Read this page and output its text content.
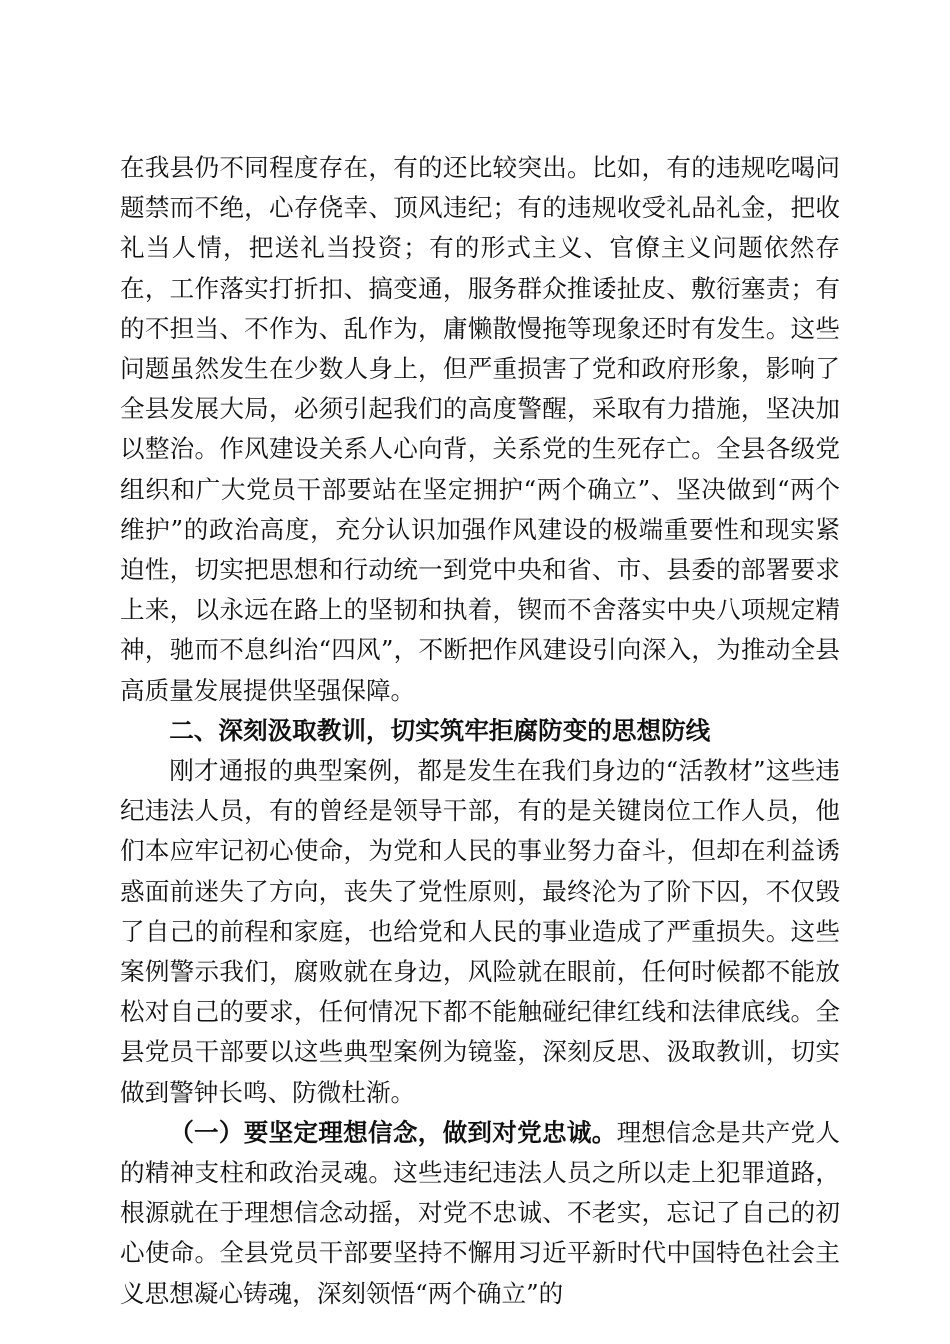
在我县仍不同程度存在，有的还比较突出。比如，有的违规吃喝问题禁而不绝，心存侥幸、顶风违纪；有的违规收受礼品礼金，把收礼当人情，把送礼当投资；有的形式主义、官僚主义问题依然存在，工作落实打折扣、搞变通，服务群众推诿扯皮、敷衍塞责；有的不担当、不作为、乱作为，庸懒散慢拖等现象还时有发生。这些问题虽然发生在少数人身上，但严重损害了党和政府形象，影响了全县发展大局，必须引起我们的高度警醒，采取有力措施，坚决加以整治。作风建设关系人心向背，关系党的生死存亡。全县各级党组织和广大党员干部要站在坚定拥护“两个确立”、坚决做到“两个维护”的政治高度，充分认识加强作风建设的极端重要性和现实紧迫性，切实把思想和行动统一到党中央和省、市、县委的部署要求上来，以永远在路上的坚韧和执着，锲而不舍落实中央八项规定精神，驰而不息纠治“四风”，不断把作风建设引向深入，为推动全县高质量发展提供坚强保障。

二、深刻汲取教训，切实筑牢拒腐防变的思想防线

刚才通报的典型案例，都是发生在我们身边的“活教材”这些违纪违法人员，有的曾经是领导干部，有的是关键岗位工作人员，他们本应牢记初心使命，为党和人民的事业努力奋斗，但却在利益诱惑面前迷失了方向，丧失了党性原则，最终沦为了阶下囚，不仅毁了自己的前程和家庭，也给党和人民的事业造成了严重损失。这些案例警示我们，腐败就在身边，风险就在眼前，任何时候都不能放松对自己的要求，任何情况下都不能触碰纪律红线和法律底线。全县党员干部要以这些典型案例为镜鉴，深刻反思、汲取教训，切实做到警钟长鸣、防微杜渐。

（一）要坚定理想信念，做到对党忠诚。理想信念是共产党人的精神支柱和政治灵魂。这些违纪违法人员之所以走上犯罪道路，根源就在于理想信念动摇，对党不忠诚、不老实，忘记了自己的初心使命。全县党员干部要坚持不懈用习近平新时代中国特色社会主义思想凝心铸魂，深刻领悟“两个确立”的
